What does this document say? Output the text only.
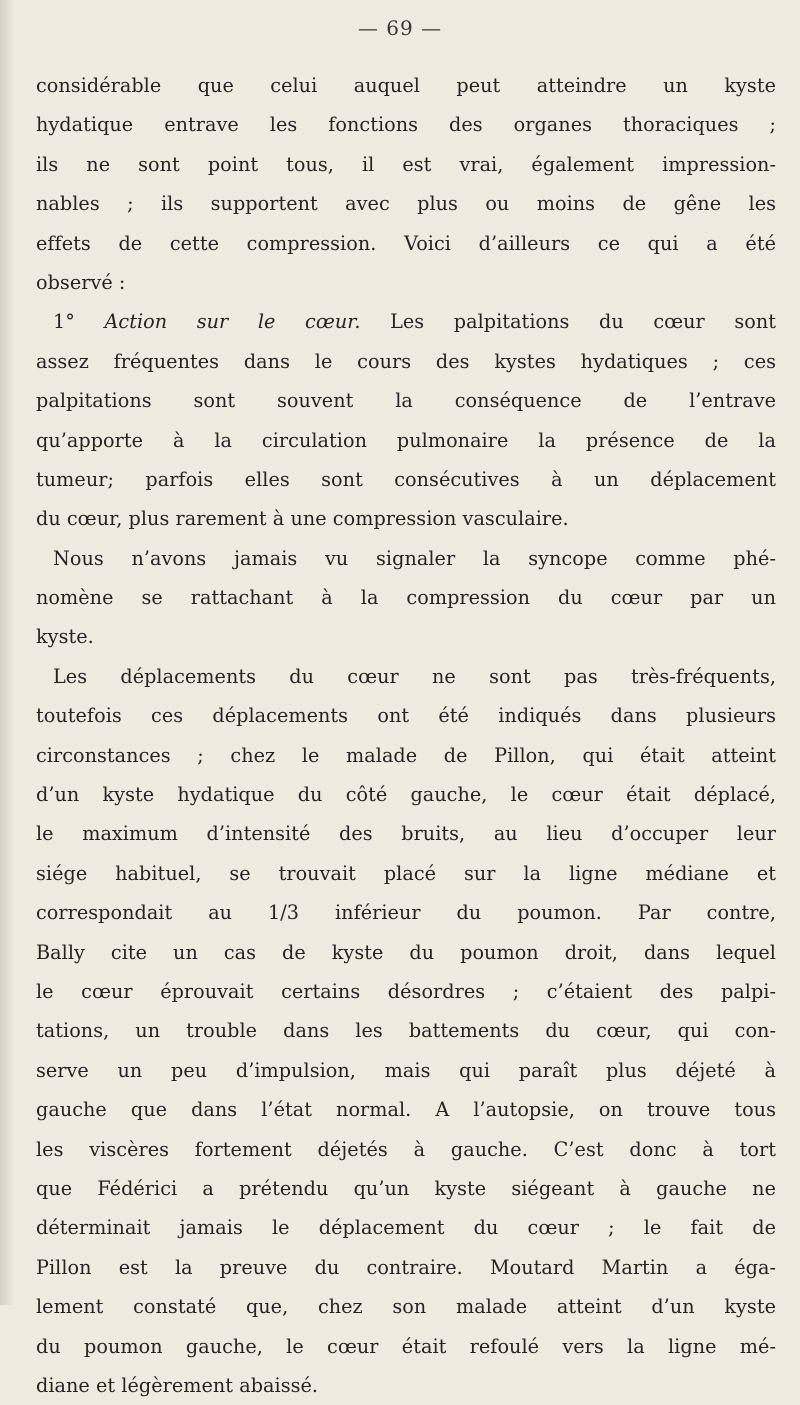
— 69 —
considérable que celui auquel peut atteindre un kyste
hydatique entrave les fonctions des organes thoraciques ;
ils ne sont point tous, il est vrai, également impression-
nables ; ils supportent avec plus ou moins de gêne les
effets de cette compression. Voici d’ailleurs ce qui a été
observé :
1° Action sur le cœur. Les palpitations du cœur sont
assez fréquentes dans le cours des kystes hydatiques ; ces
palpitations sont souvent la conséquence de l’entrave
qu’apporte à la circulation pulmonaire la présence de la
tumeur; parfois elles sont consécutives à un déplacement
du cœur, plus rarement à une compression vasculaire.
Nous n’avons jamais vu signaler la syncope comme phé-
nomène se rattachant à la compression du cœur par un
kyste.
Les déplacements du cœur ne sont pas très-fréquents,
toutefois ces déplacements ont été indiqués dans plusieurs
circonstances ; chez le malade de Pillon, qui était atteint
d’un kyste hydatique du côté gauche, le cœur était déplacé,
le maximum d’intensité des bruits, au lieu d’occuper leur
siége habituel, se trouvait placé sur la ligne médiane et
correspondait au 1/3 inférieur du poumon. Par contre,
Bally cite un cas de kyste du poumon droit, dans lequel
le cœur éprouvait certains désordres ; c’étaient des palpi-
tations, un trouble dans les battements du cœur, qui con-
serve un peu d’impulsion, mais qui paraît plus déjeté à
gauche que dans l’état normal. A l’autopsie, on trouve tous
les viscères fortement déjetés à gauche. C’est donc à tort
que Fédérici a prétendu qu’un kyste siégeant à gauche ne
déterminait jamais le déplacement du cœur ; le fait de
Pillon est la preuve du contraire. Moutard Martin a éga-
lement constaté que, chez son malade atteint d’un kyste
du poumon gauche, le cœur était refoulé vers la ligne mé-
diane et légèrement abaissé.
